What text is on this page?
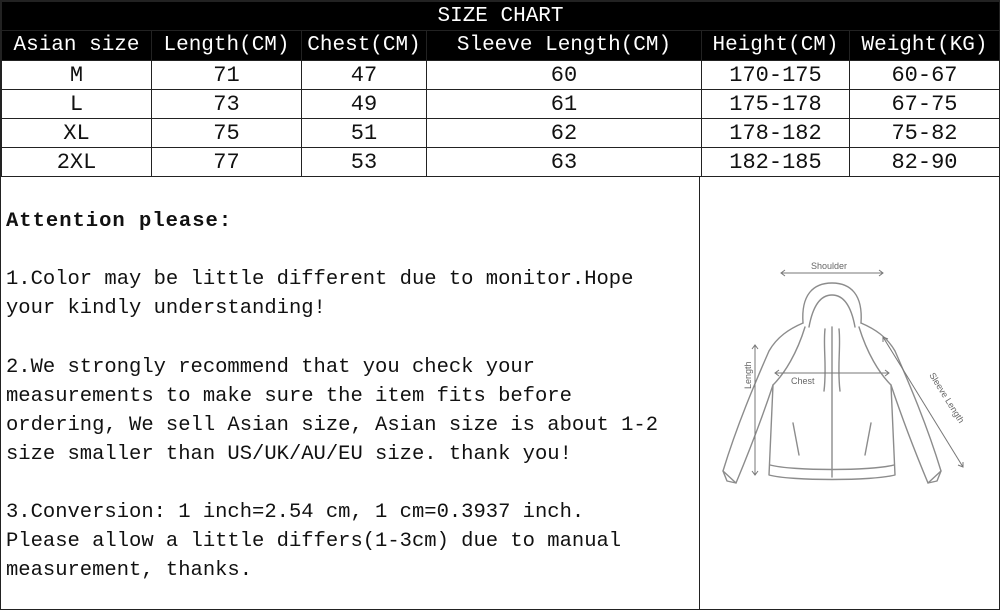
SIZE CHART					
Asian size	Length(CM)	Chest(CM)	Sleeve Length(CM)	Height(CM)	Weight(KG)
M	71	47	60	170-175	60-67
L	73	49	61	175-178	67-75
XL	75	51	62	178-182	75-82
2XL	77	53	63	182-185	82-90

Attention please:

1.Color may be little different due to monitor.Hope

your kindly understanding!

2.We strongly recommend that you check your

measurements to make sure the item fits before

ordering, We sell Asian size, Asian size is about 1-2

size smaller than US/UK/AU/EU size. thank you!

3.Conversion: 1 inch=2.54 cm, 1 cm=0.3937 inch.

Please allow a little differs(1-3cm) due to manual

measurement, thanks.

Shoulder
Length	Chest	Sleeve Length
